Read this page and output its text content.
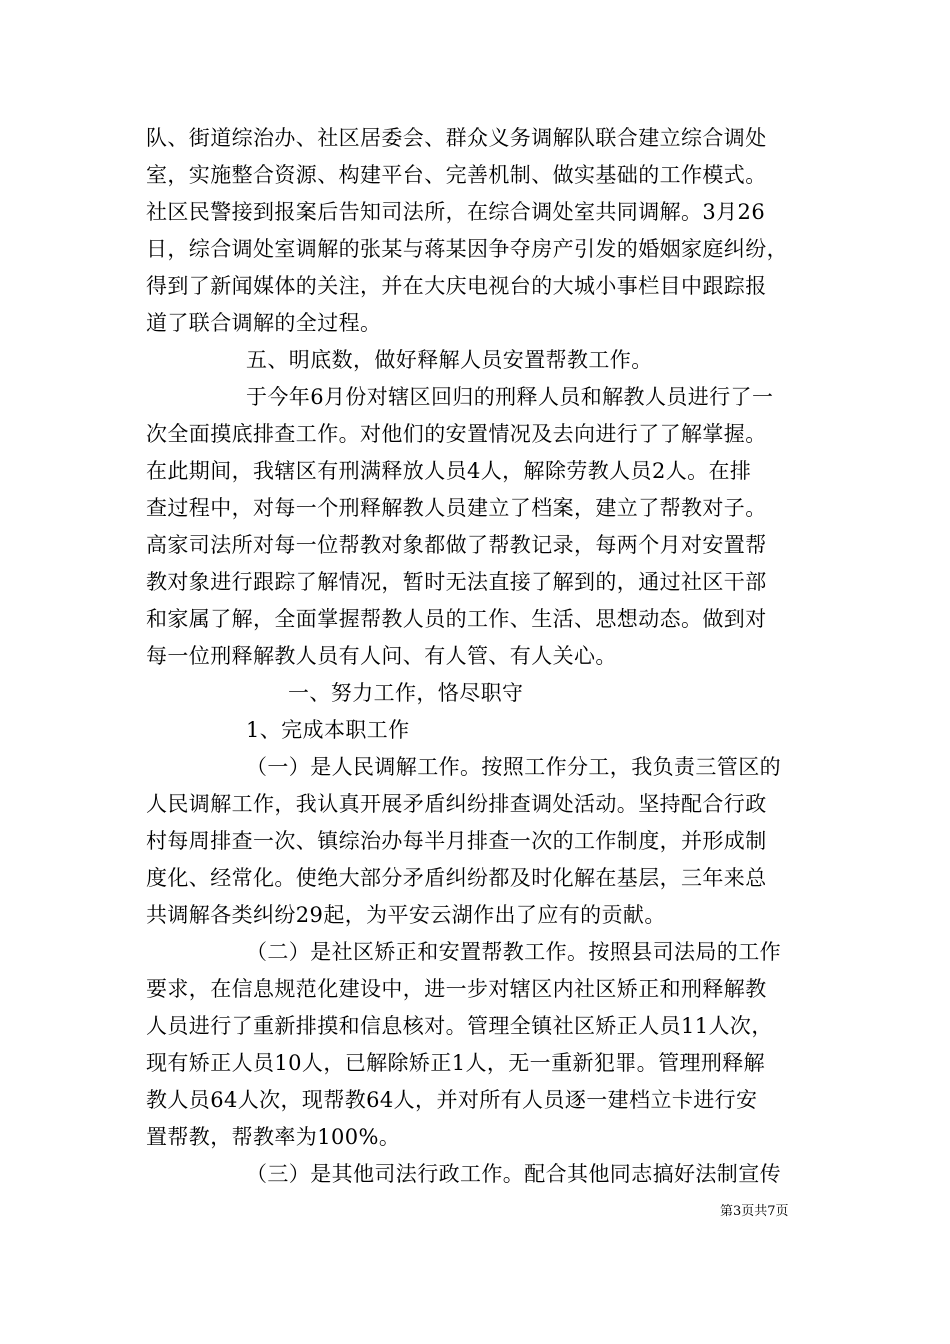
队、街道综治办、社区居委会、群众义务调解队联合建立综合调处
室，实施整合资源、构建平台、完善机制、做实基础的工作模式。
社区民警接到报案后告知司法所，在综合调处室共同调解。3月26
日，综合调处室调解的张某与蒋某因争夺房产引发的婚姻家庭纠纷，
得到了新闻媒体的关注，并在大庆电视台的大城小事栏目中跟踪报
道了联合调解的全过程。
五、明底数，做好释解人员安置帮教工作。
于今年6月份对辖区回归的刑释人员和解教人员进行了一
次全面摸底排查工作。对他们的安置情况及去向进行了了解掌握。
在此期间，我辖区有刑满释放人员4人，解除劳教人员2人。在排
查过程中，对每一个刑释解教人员建立了档案，建立了帮教对子。
高家司法所对每一位帮教对象都做了帮教记录，每两个月对安置帮
教对象进行跟踪了解情况，暂时无法直接了解到的，通过社区干部
和家属了解，全面掌握帮教人员的工作、生活、思想动态。做到对
每一位刑释解教人员有人问、有人管、有人关心。
一、努力工作，恪尽职守
1、完成本职工作
（一）是人民调解工作。按照工作分工，我负责三管区的
人民调解工作，我认真开展矛盾纠纷排查调处活动。坚持配合行政
村每周排查一次、镇综治办每半月排查一次的工作制度，并形成制
度化、经常化。使绝大部分矛盾纠纷都及时化解在基层，三年来总
共调解各类纠纷29起，为平安云湖作出了应有的贡献。
（二）是社区矫正和安置帮教工作。按照县司法局的工作
要求，在信息规范化建设中，进一步对辖区内社区矫正和刑释解教
人员进行了重新排摸和信息核对。管理全镇社区矫正人员11人次，
现有矫正人员10人，已解除矫正1人，无一重新犯罪。管理刑释解
教人员64人次，现帮教64人，并对所有人员逐一建档立卡进行安
置帮教，帮教率为100%。
（三）是其他司法行政工作。配合其他同志搞好法制宣传
第3页共7页
